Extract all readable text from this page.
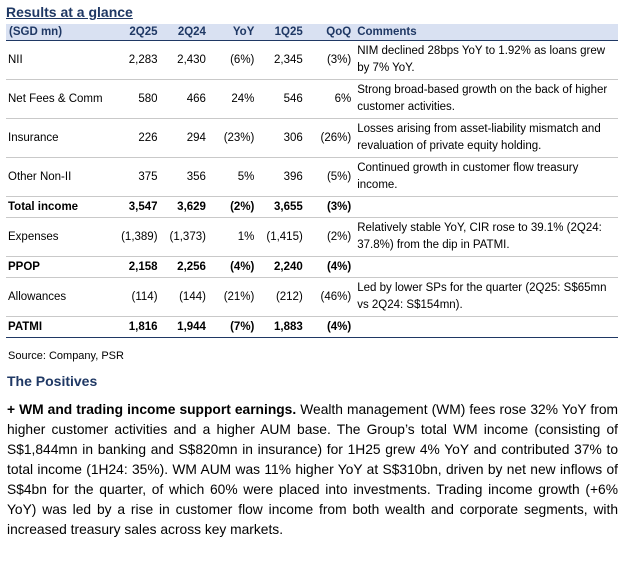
Results at a glance
(SGD mn)	2Q25	2Q24	YoY	1Q25	QoQ	Comments
NII	2,283	2,430	(6%)	2,345	(3%)	NIM declined 28bps YoY to 1.92% as loans grew by 7% YoY.
Net Fees & Comm	580	466	24%	546	6%	Strong broad-based growth on the back of higher customer activities.
Insurance	226	294	(23%)	306	(26%)	Losses arising from asset-liability mismatch and revaluation of private equity holding.
Other Non-II	375	356	5%	396	(5%)	Continued growth in customer flow treasury income.
Total income	3,547	3,629	(2%)	3,655	(3%)	
Expenses	(1,389)	(1,373)	1%	(1,415)	(2%)	Relatively stable YoY, CIR rose to 39.1% (2Q24: 37.8%) from the dip in PATMI.
PPOP	2,158	2,256	(4%)	2,240	(4%)	
Allowances	(114)	(144)	(21%)	(212)	(46%)	Led by lower SPs for the quarter (2Q25: S$65mn vs 2Q24: S$154mn).
PATMI	1,816	1,944	(7%)	1,883	(4%)	
Source: Company, PSR
The Positives
+ WM and trading income support earnings. Wealth management (WM) fees rose 32% YoY from higher customer activities and a higher AUM base. The Group’s total WM income (consisting of S$1,844mn in banking and S$820mn in insurance) for 1H25 grew 4% YoY and contributed 37% to total income (1H24: 35%). WM AUM was 11% higher YoY at S$310bn, driven by net new inflows of S$4bn for the quarter, of which 60% were placed into investments. Trading income growth (+6% YoY) was led by a rise in customer flow income from both wealth and corporate segments, with increased treasury sales across key markets.
